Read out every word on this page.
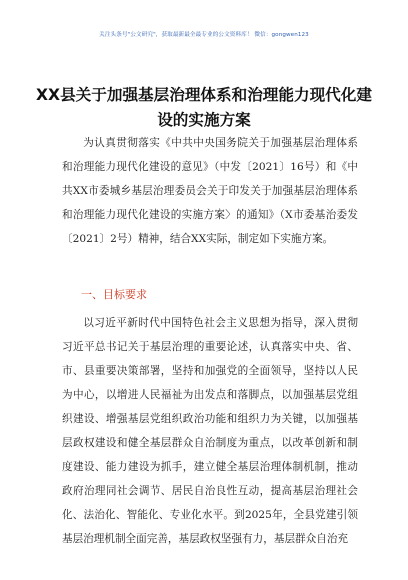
关注头条号"公文研究"，获取最新最全最专业的公文资料库！ 微信：gongwen123
XX县关于加强基层治理体系和治理能力现代化建设的实施方案

为认真贯彻落实《中共中央国务院关于加强基层治理体系和治理能力现代化建设的意见》（中发〔2021〕16号）和《中共XX市委城乡基层治理委员会关于印发关于加强基层治理体系和治理能力现代化建设的实施方案〉的通知》（X市委基治委发〔2021〕2号）精神，结合XX实际，制定如下实施方案。

一、目标要求

以习近平新时代中国特色社会主义思想为指导，深入贯彻习近平总书记关于基层治理的重要论述，认真落实中央、省、市、县重要决策部署，坚持和加强党的全面领导，坚持以人民为中心，以增进人民福祉为出发点和落脚点，以加强基层党组织建设、增强基层党组织政治功能和组织力为关键，以加强基层政权建设和健全基层群众自治制度为重点，以改革创新和制度建设、能力建设为抓手，建立健全基层治理体制机制，推动政府治理同社会调节、居民自治良性互动，提高基层治理社会化、法治化、智能化、专业化水平。到2025年，全县党建引领基层治理机制全面完善，基层政权坚强有力，基层群众自治充
